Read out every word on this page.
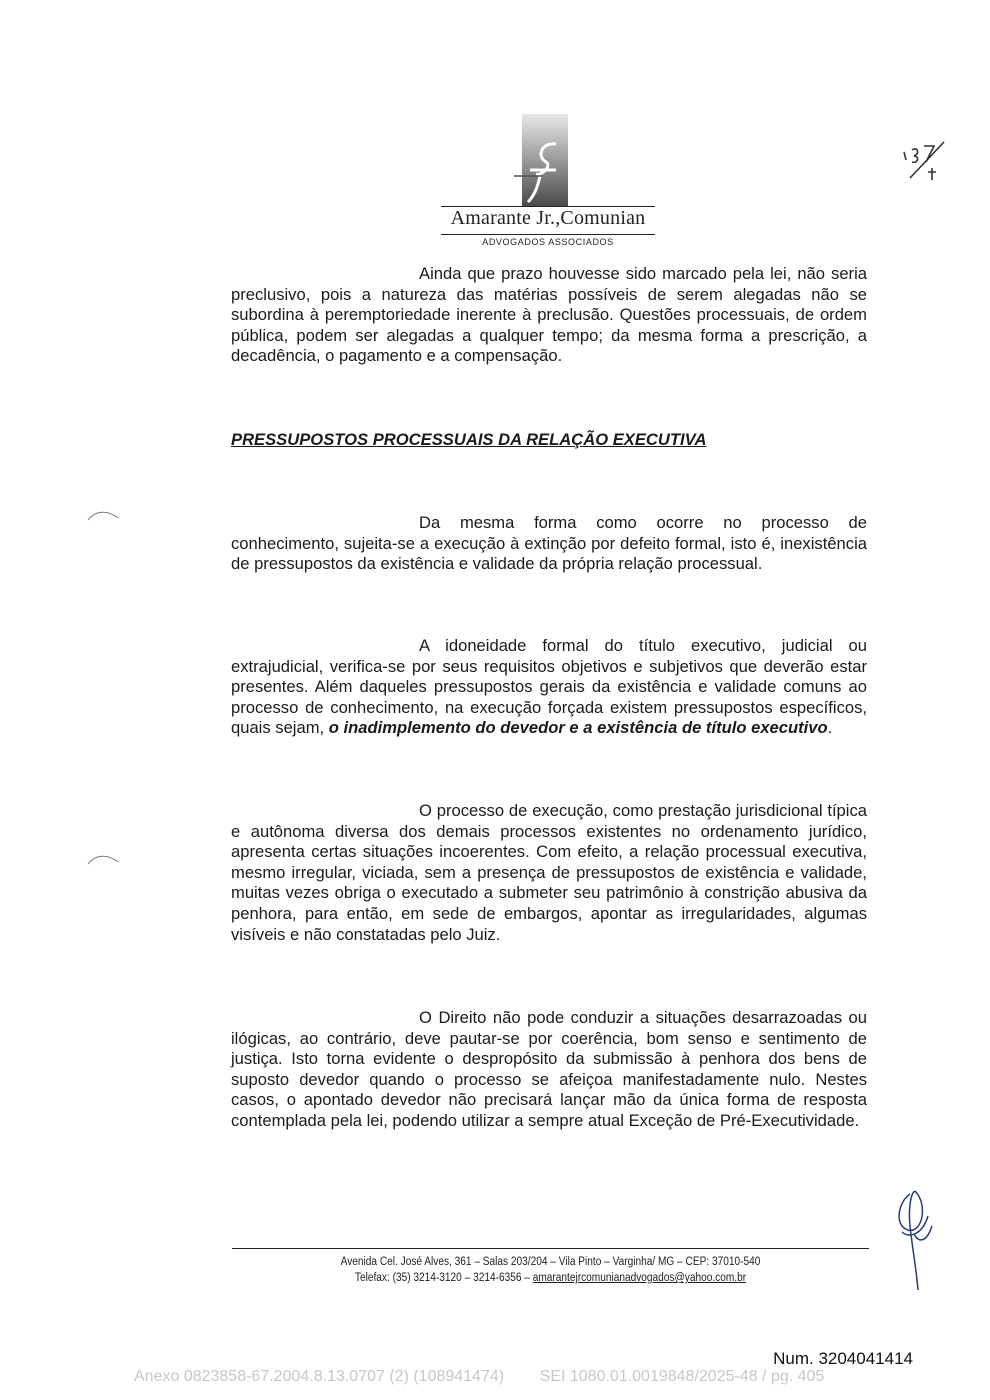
Amarante Jr.,Comunian
ADVOGADOS ASSOCIADOS

Ainda que prazo houvesse sido marcado pela lei, não seria preclusivo, pois a natureza das matérias possíveis de serem alegadas não se subordina à peremptoriedade inerente à preclusão. Questões processuais, de ordem pública, podem ser alegadas a qualquer tempo; da mesma forma a prescrição, a decadência, o pagamento e a compensação.

PRESSUPOSTOS PROCESSUAIS DA RELAÇÃO EXECUTIVA

Da mesma forma como ocorre no processo de conhecimento, sujeita-se a execução à extinção por defeito formal, isto é, inexistência de pressupostos da existência e validade da própria relação processual.

A idoneidade formal do título executivo, judicial ou extrajudicial, verifica-se por seus requisitos objetivos e subjetivos que deverão estar presentes. Além daqueles pressupostos gerais da existência e validade comuns ao processo de conhecimento, na execução forçada existem pressupostos específicos, quais sejam, o inadimplemento do devedor e a existência de título executivo.

O processo de execução, como prestação jurisdicional típica e autônoma diversa dos demais processos existentes no ordenamento jurídico, apresenta certas situações incoerentes. Com efeito, a relação processual executiva, mesmo irregular, viciada, sem a presença de pressupostos de existência e validade, muitas vezes obriga o executado a submeter seu patrimônio à constrição abusiva da penhora, para então, em sede de embargos, apontar as irregularidades, algumas visíveis e não constatadas pelo Juiz.

O Direito não pode conduzir a situações desarrazoadas ou ilógicas, ao contrário, deve pautar-se por coerência, bom senso e sentimento de justiça. Isto torna evidente o despropósito da submissão à penhora dos bens de suposto devedor quando o processo se afeiçoa manifestadamente nulo. Nestes casos, o apontado devedor não precisará lançar mão da única forma de resposta contemplada pela lei, podendo utilizar a sempre atual Exceção de Pré-Executividade.

Avenida Cel. José Alves, 361 – Salas 203/204 – Vila Pinto – Varginha/ MG – CEP: 37010-540
Telefax: (35) 3214-3120 – 3214-6356 – amarantejrcomunianadvogados@yahoo.com.br
Num. 3204041414
Anexo 0823858-67.2004.8.13.0707 (2) (108941474)        SEI 1080.01.0019848/2025-48 / pg. 405
